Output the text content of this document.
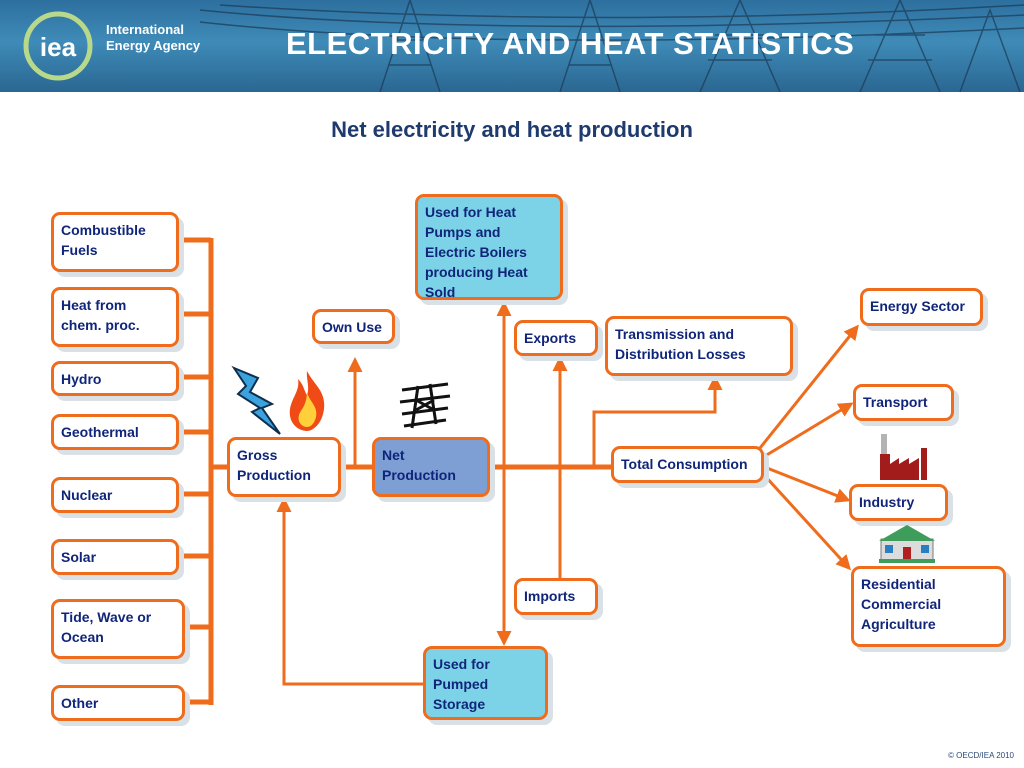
iea
International
Energy Agency	ELECTRICITY AND HEAT STATISTICS
Net electricity and heat production
Combustible Fuels
Heat from chem. proc.
Hydro
Geothermal
Nuclear
Solar
Tide, Wave or Ocean
Other
Gross Production
Own Use
Net Production
Used for Heat Pumps and Electric Boilers producing Heat Sold
Used for Pumped Storage
Exports
Imports
Transmission and Distribution Losses
Total Consumption
Energy Sector
Transport
Industry
Residential Commercial Agriculture
© OECD/IEA 2010
